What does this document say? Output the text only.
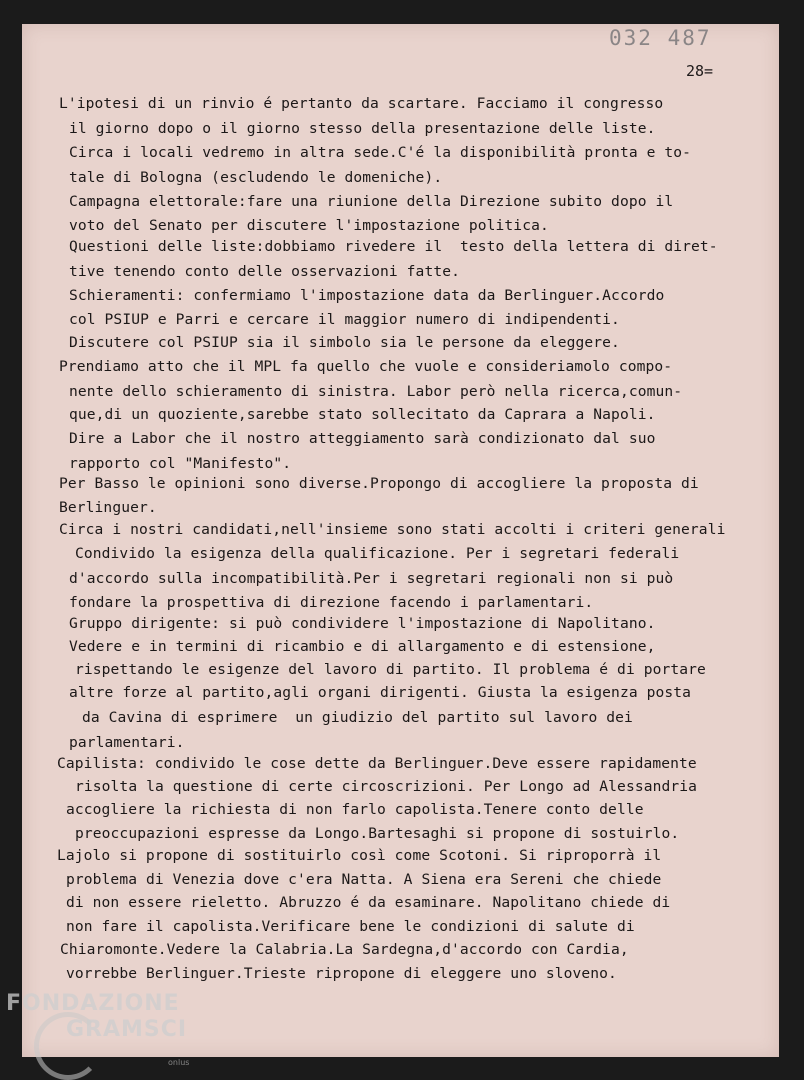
032 487
28=
L'ipotesi di un rinvio é pertanto da scartare. Facciamo il congresso
il giorno dopo o il giorno stesso della presentazione delle liste.
Circa i locali vedremo in altra sede.C'é la disponibilità pronta e to-
tale di Bologna (escludendo le domeniche).
Campagna elettorale:fare una riunione della Direzione subito dopo il
voto del Senato per discutere l'impostazione politica.
Questioni delle liste:dobbiamo rivedere il  testo della lettera di diret-
tive tenendo conto delle osservazioni fatte.
Schieramenti: confermiamo l'impostazione data da Berlinguer.Accordo
col PSIUP e Parri e cercare il maggior numero di indipendenti.
Discutere col PSIUP sia il simbolo sia le persone da eleggere.
Prendiamo atto che il MPL fa quello che vuole e consideriamolo compo-
nente dello schieramento di sinistra. Labor però nella ricerca,comun-
que,di un quoziente,sarebbe stato sollecitato da Caprara a Napoli.
Dire a Labor che il nostro atteggiamento sarà condizionato dal suo
rapporto col "Manifesto".
Per Basso le opinioni sono diverse.Propongo di accogliere la proposta di
Berlinguer.
Circa i nostri candidati,nell'insieme sono stati accolti i criteri generali
Condivido la esigenza della qualificazione. Per i segretari federali
d'accordo sulla incompatibilità.Per i segretari regionali non si può
fondare la prospettiva di direzione facendo i parlamentari.
Gruppo dirigente: si può condividere l'impostazione di Napolitano.
Vedere e in termini di ricambio e di allargamento e di estensione,
rispettando le esigenze del lavoro di partito. Il problema é di portare
altre forze al partito,agli organi dirigenti. Giusta la esigenza posta
da Cavina di esprimere  un giudizio del partito sul lavoro dei
parlamentari.
Capilista: condivido le cose dette da Berlinguer.Deve essere rapidamente
risolta la questione di certe circoscrizioni. Per Longo ad Alessandria
accogliere la richiesta di non farlo capolista.Tenere conto delle
preoccupazioni espresse da Longo.Bartesaghi si propone di sostuirlo.
Lajolo si propone di sostituirlo così come Scotoni. Si riproporrà il
problema di Venezia dove c'era Natta. A Siena era Sereni che chiede
di non essere rieletto. Abruzzo é da esaminare. Napolitano chiede di
non fare il capolista.Verificare bene le condizioni di salute di
Chiaromonte.Vedere la Calabria.La Sardegna,d'accordo con Cardia,
vorrebbe Berlinguer.Trieste ripropone di eleggere uno sloveno.
FONDAZIONE
GRAMSCI
onlus
